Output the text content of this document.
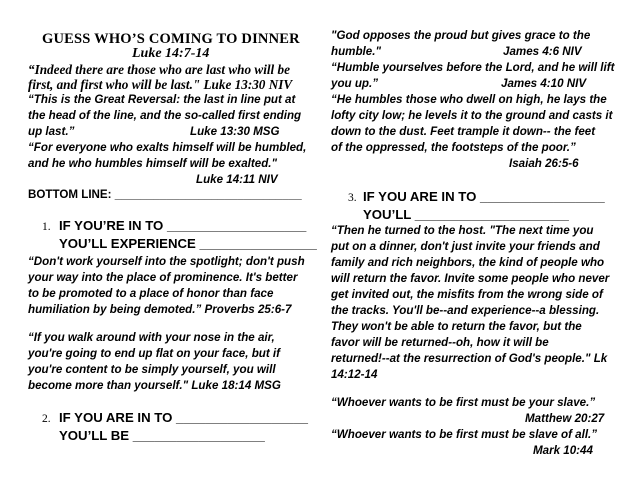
GUESS WHO’S COMING TO DINNER
Luke 14:7-14
“Indeed there are those who are last who will be
first, and first who will be last." Luke 13:30 NIV
“This is the Great Reversal: the last in line put at
the head of the line, and the so-called first ending
up last.”	Luke 13:30 MSG
“For everyone who exalts himself will be humbled,
and he who humbles himself will be exalted."
Luke 14:11 NIV
BOTTOM LINE: _____________________________
1. IF YOU’RE IN TO ___________________
YOU’LL EXPERIENCE ________________
“Don't work yourself into the spotlight; don't push
your way into the place of prominence. It's better
to be promoted to a place of honor than face
humiliation by being demoted.” Proverbs 25:6-7
“If you walk around with your nose in the air,
you're going to end up flat on your face, but if
you're content to be simply yourself, you will
become more than yourself." Luke 18:14 MSG
2. IF YOU ARE IN TO __________________
YOU’LL BE __________________
"God opposes the proud but gives grace to the
humble."	James 4:6 NIV
“Humble yourselves before the Lord, and he will lift
you up.”	James 4:10 NIV
“He humbles those who dwell on high, he lays the
lofty city low; he levels it to the ground and casts it
down to the dust. Feet trample it down-- the feet
of the oppressed, the footsteps of the poor.”
Isaiah 26:5-6
3. IF YOU ARE IN TO _________________
YOU’LL _____________________
“Then he turned to the host. "The next time you
put on a dinner, don't just invite your friends and
family and rich neighbors, the kind of people who
will return the favor. Invite some people who never
get invited out, the misfits from the wrong side of
the tracks. You'll be--and experience--a blessing.
They won't be able to return the favor, but the
favor will be returned--oh, how it will be
returned!--at the resurrection of God's people." Lk
14:12-14
“Whoever wants to be first must be your slave.”
Matthew 20:27
“Whoever wants to be first must be slave of all.”
Mark 10:44
